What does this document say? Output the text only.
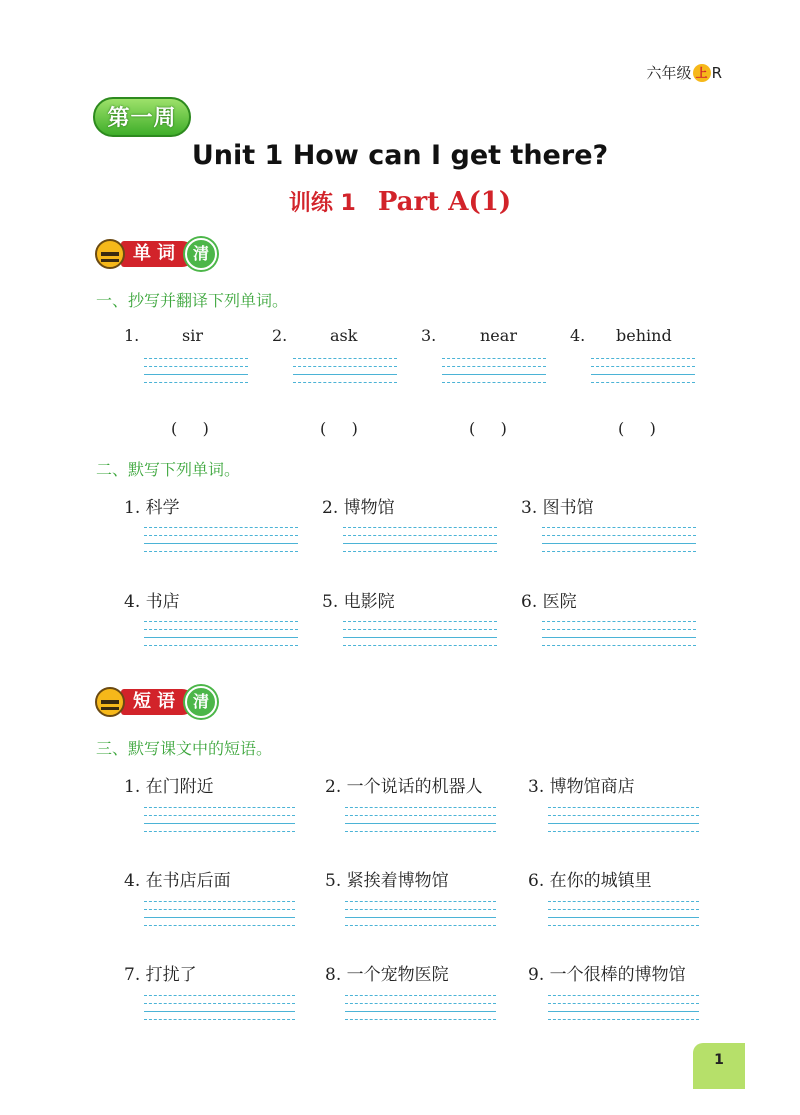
六年级 上 R
第一周
Unit 1 How can I get there?
训练 1 Part A(1)
单词 清
一、抄写并翻译下列单词。
1.	sir	2.	ask	3.	near	4. behind
(     )	(     )	(     )	(     )
二、默写下列单词。
1. 科学	2. 博物馆	3. 图书馆
4. 书店	5. 电影院	6. 医院
短语 清
三、默写课文中的短语。
1. 在门附近	2. 一个说话的机器人	3. 博物馆商店
4. 在书店后面	5. 紧挨着博物馆	6. 在你的城镇里
7. 打扰了	8. 一个宠物医院	9. 一个很棒的博物馆
1
